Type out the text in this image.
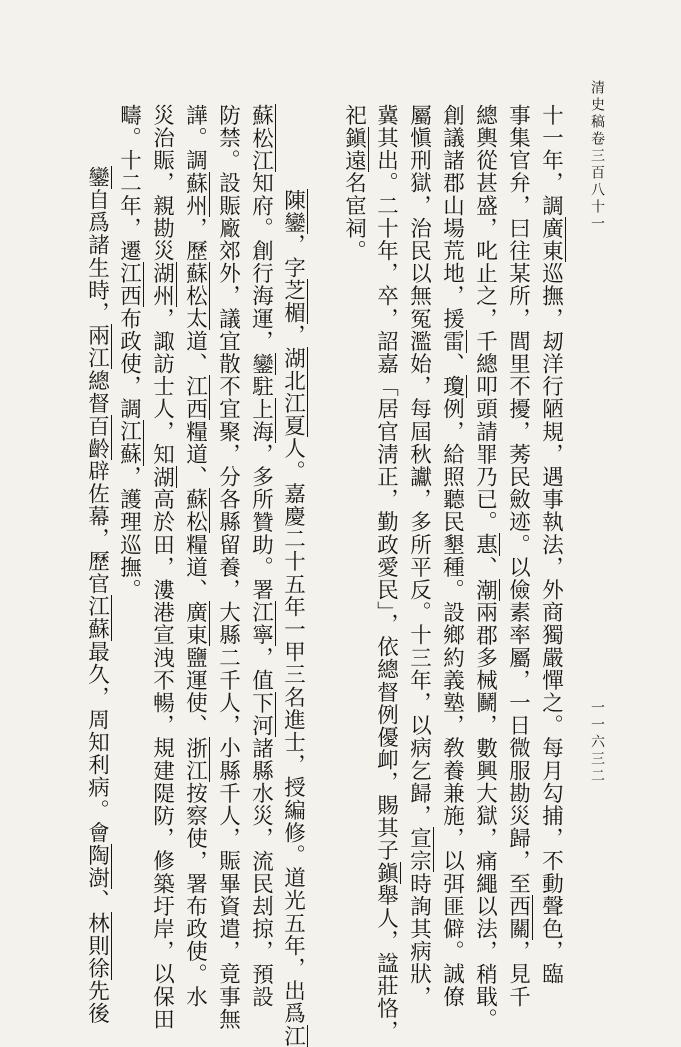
清史稿卷三百八十一
一一六三二
十一年，調廣東巡撫，刼洋行陋規，遇事執法，外商獨嚴憚之。每月勾捕，不動聲色，臨
事集官弁，曰往某所，閭里不擾，莠民斂迹。以儉素率屬，一日微服勘災歸，至西關，見千
總輿從甚盛，叱止之，千總叩頭請罪乃已。惠、潮兩郡多械鬭，數興大獄，痛繩以法，稍戢。
創議諸郡山場荒地，援雷、瓊例，給照聽民墾種。設鄉約義塾，敎養兼施，以弭匪僻。誠僚
屬愼刑獄，治民以無冤濫始，每屆秋讞，多所平反。十三年，以病乞歸，宣宗時詢其病狀，
冀其出。二十年，卒，詔嘉「居官淸正，勤政愛民」，依總督例優卹，賜其子鎭舉人，諡莊恪，
祀鎭遠名宦祠。
　陳鑾，字芝楣，湖北江夏人。嘉慶二十五年一甲三名進士，授編修。道光五年，出爲江
蘇松江知府。創行海運，鑾駐上海，多所贊助。署江寧，值下河諸縣水災，流民刦掠，預設
防禁。設賑廠郊外，議宜散不宜聚，分各縣留養，大縣二千人，小縣千人，賑畢資遣，竟事無
譁。調蘇州，歷蘇松太道、江西糧道、蘇松糧道、廣東鹽運使、浙江按察使，署布政使。水
災治賑，親勘災湖州，諏訪士人，知湖高於田，漊港宣洩不暢，規建隄防，修築圩岸，以保田
疇。十二年，遷江西布政使，調江蘇，護理巡撫。
鑾自爲諸生時，兩江總督百齡辟佐幕，歷官江蘇最久，周知利病。會陶澍、林則徐先後
